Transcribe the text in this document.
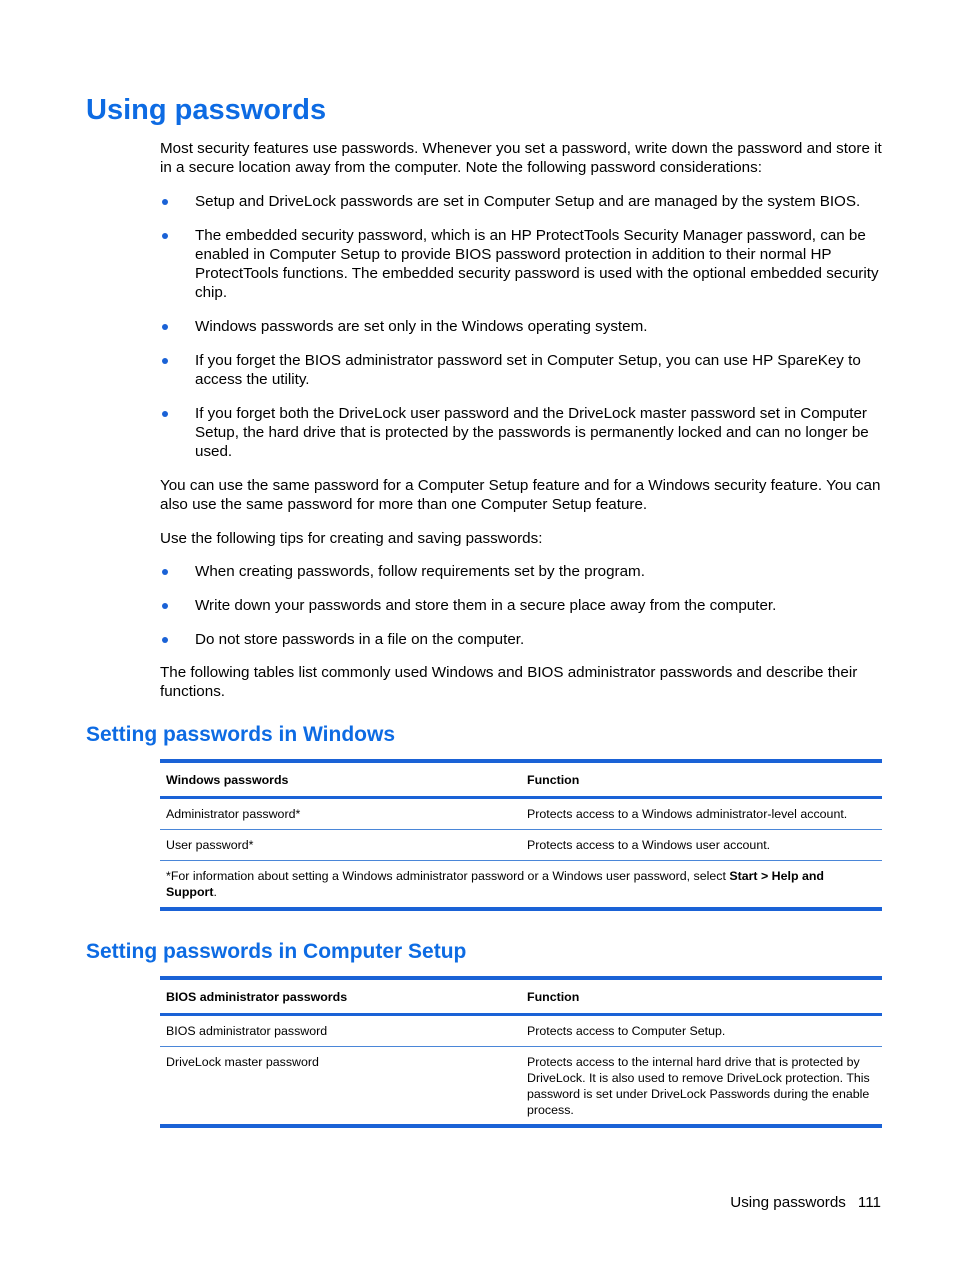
Using passwords

Most security features use passwords. Whenever you set a password, write down the password and store it in a secure location away from the computer. Note the following password considerations:

Setup and DriveLock passwords are set in Computer Setup and are managed by the system BIOS.
The embedded security password, which is an HP ProtectTools Security Manager password, can be enabled in Computer Setup to provide BIOS password protection in addition to their normal HP ProtectTools functions. The embedded security password is used with the optional embedded security chip.
Windows passwords are set only in the Windows operating system.
If you forget the BIOS administrator password set in Computer Setup, you can use HP SpareKey to access the utility.
If you forget both the DriveLock user password and the DriveLock master password set in Computer Setup, the hard drive that is protected by the passwords is permanently locked and can no longer be used.

You can use the same password for a Computer Setup feature and for a Windows security feature. You can also use the same password for more than one Computer Setup feature.

Use the following tips for creating and saving passwords:

When creating passwords, follow requirements set by the program.
Write down your passwords and store them in a secure place away from the computer.
Do not store passwords in a file on the computer.

The following tables list commonly used Windows and BIOS administrator passwords and describe their functions.

Setting passwords in Windows
Windows passwords	Function
Administrator password*	Protects access to a Windows administrator-level account.
User password*	Protects access to a Windows user account.
*For information about setting a Windows administrator password or a Windows user password, select Start > Help and Support.	
Setting passwords in Computer Setup
BIOS administrator passwords	Function
BIOS administrator password	Protects access to Computer Setup.
DriveLock master password	Protects access to the internal hard drive that is protected by DriveLock. It is also used to remove DriveLock protection. This password is set under DriveLock Passwords during the enable process.
Using passwords 111
